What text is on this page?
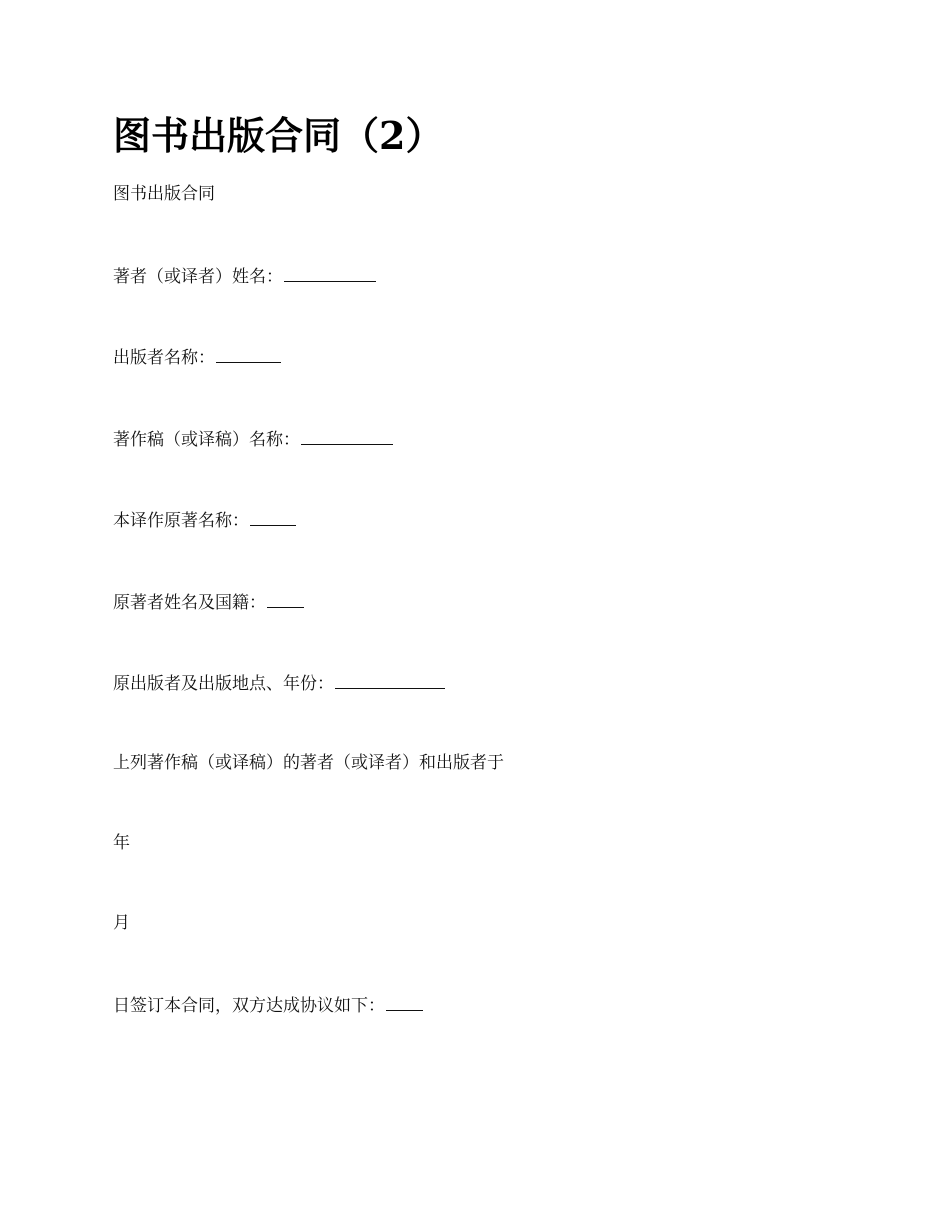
图书出版合同（2）

图书出版合同

著者（或译者）姓名：

出版者名称：

著作稿（或译稿）名称：

本译作原著名称：

原著者姓名及国籍：

原出版者及出版地点、年份：

上列著作稿（或译稿）的著者（或译者）和出版者于

年

月

日签订本合同，双方达成协议如下：
